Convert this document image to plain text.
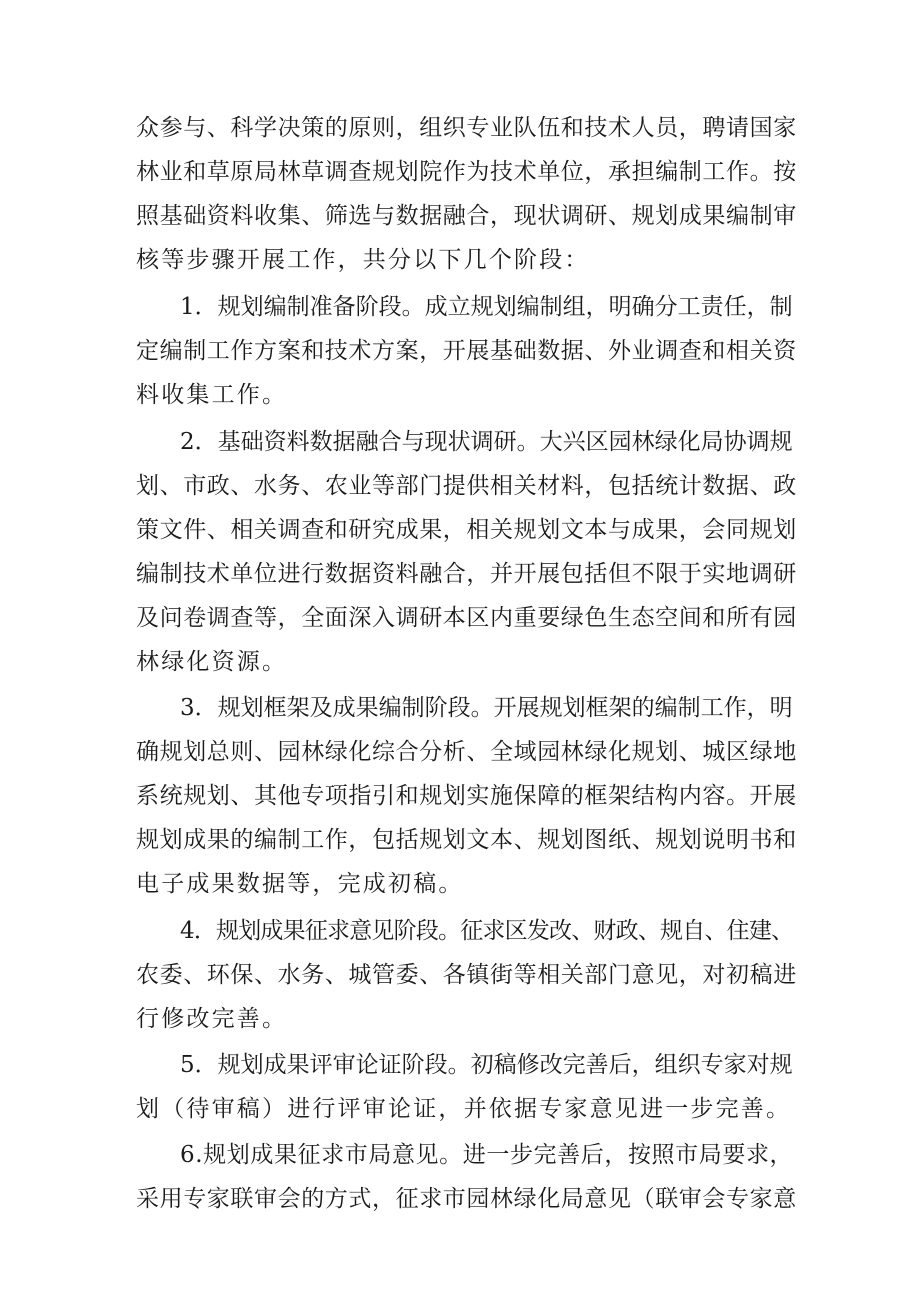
众参与、科学决策的原则，组织专业队伍和技术人员，聘请国家
林业和草原局林草调查规划院作为技术单位，承担编制工作。按
照基础资料收集、筛选与数据融合，现状调研、规划成果编制审
核等步骤开展工作，共分以下几个阶段：
1．规划编制准备阶段。成立规划编制组，明确分工责任，制
定编制工作方案和技术方案，开展基础数据、外业调查和相关资
料收集工作。
2．基础资料数据融合与现状调研。大兴区园林绿化局协调规
划、市政、水务、农业等部门提供相关材料，包括统计数据、政
策文件、相关调查和研究成果，相关规划文本与成果，会同规划
编制技术单位进行数据资料融合，并开展包括但不限于实地调研
及问卷调查等，全面深入调研本区内重要绿色生态空间和所有园
林绿化资源。
3．规划框架及成果编制阶段。开展规划框架的编制工作，明
确规划总则、园林绿化综合分析、全域园林绿化规划、城区绿地
系统规划、其他专项指引和规划实施保障的框架结构内容。开展
规划成果的编制工作，包括规划文本、规划图纸、规划说明书和
电子成果数据等，完成初稿。
4．规划成果征求意见阶段。征求区发改、财政、规自、住建、
农委、环保、水务、城管委、各镇街等相关部门意见，对初稿进
行修改完善。
5．规划成果评审论证阶段。初稿修改完善后，组织专家对规
划（待审稿）进行评审论证，并依据专家意见进一步完善。
6.规划成果征求市局意见。进一步完善后，按照市局要求，
采用专家联审会的方式，征求市园林绿化局意见（联审会专家意
